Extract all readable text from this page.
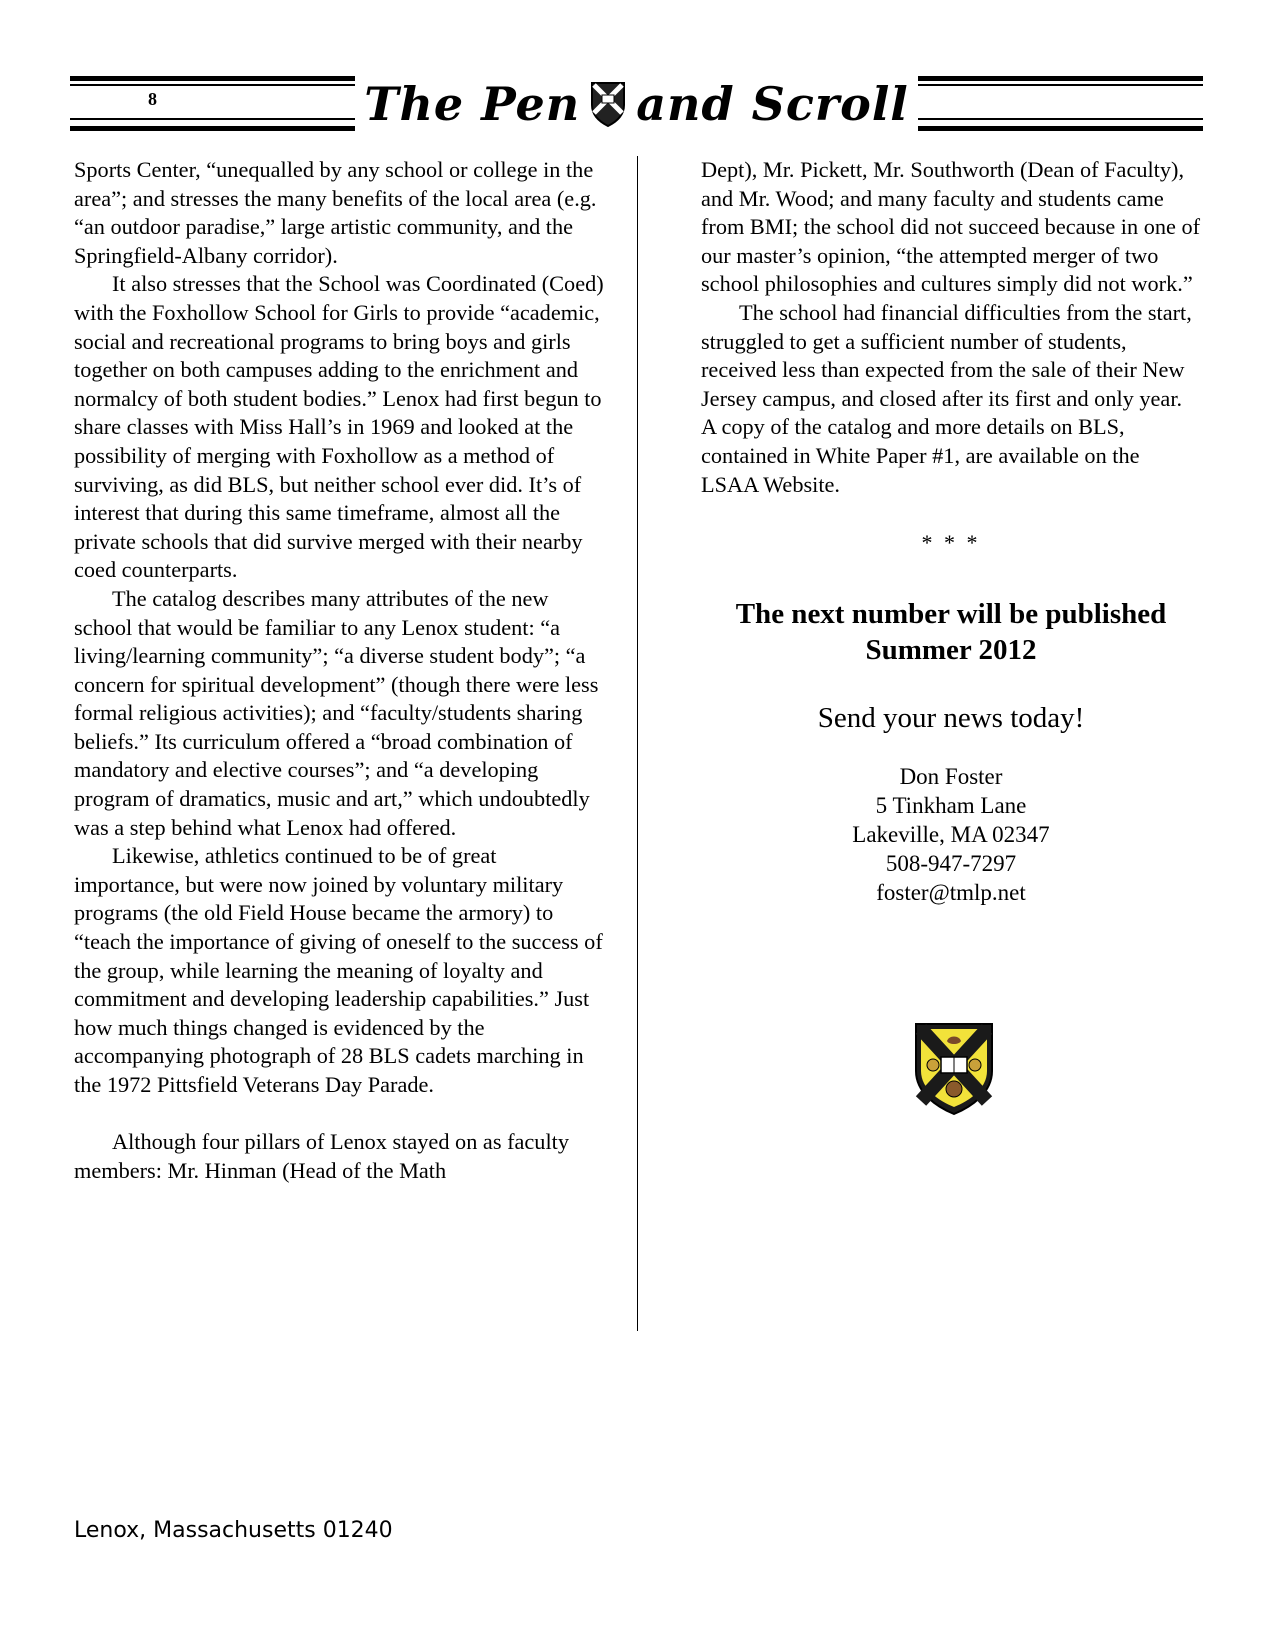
8	The Pen and Scroll

Sports Center, “unequalled by any school or college in the area”; and stresses the many benefits of the local area (e.g. “an outdoor paradise,” large artistic community, and the Springfield-Albany corridor).

It also stresses that the School was Coordinated (Coed) with the Foxhollow School for Girls to provide “academic, social and recreational programs to bring boys and girls together on both campuses adding to the enrichment and normalcy of both student bodies.” Lenox had first begun to share classes with Miss Hall’s in 1969 and looked at the possibility of merging with Foxhollow as a method of surviving, as did BLS, but neither school ever did. It’s of interest that during this same timeframe, almost all the private schools that did survive merged with their nearby coed counterparts.

The catalog describes many attributes of the new school that would be familiar to any Lenox student: “a living/learning community”; “a diverse student body”; “a concern for spiritual development” (though there were less formal religious activities); and “faculty/students sharing beliefs.” Its curriculum offered a “broad combination of mandatory and elective courses”; and “a developing program of dramatics, music and art,” which undoubtedly was a step behind what Lenox had offered.

Likewise, athletics continued to be of great importance, but were now joined by voluntary military programs (the old Field House became the armory) to “teach the importance of giving of oneself to the success of the group, while learning the meaning of loyalty and commitment and developing leadership capabilities.” Just how much things changed is evidenced by the accompanying photograph of 28 BLS cadets marching in the 1972 Pittsfield Veterans Day Parade.

Although four pillars of Lenox stayed on as faculty members: Mr. Hinman (Head of the Math

Dept), Mr. Pickett, Mr. Southworth (Dean of Faculty), and Mr. Wood; and many faculty and students came from BMI; the school did not succeed because in one of our master’s opinion, “the attempted merger of two school philosophies and cultures simply did not work.”

The school had financial difficulties from the start, struggled to get a sufficient number of students, received less than expected from the sale of their New Jersey campus, and closed after its first and only year. A copy of the catalog and more details on BLS, contained in White Paper #1, are available on the LSAA Website.

* * *
The next number will be published
Summer 2012
Send your news today!
Don Foster
5 Tinkham Lane
Lakeville, MA 02347
508-947-7297
foster@tmlp.net
Lenox, Massachusetts 01240
